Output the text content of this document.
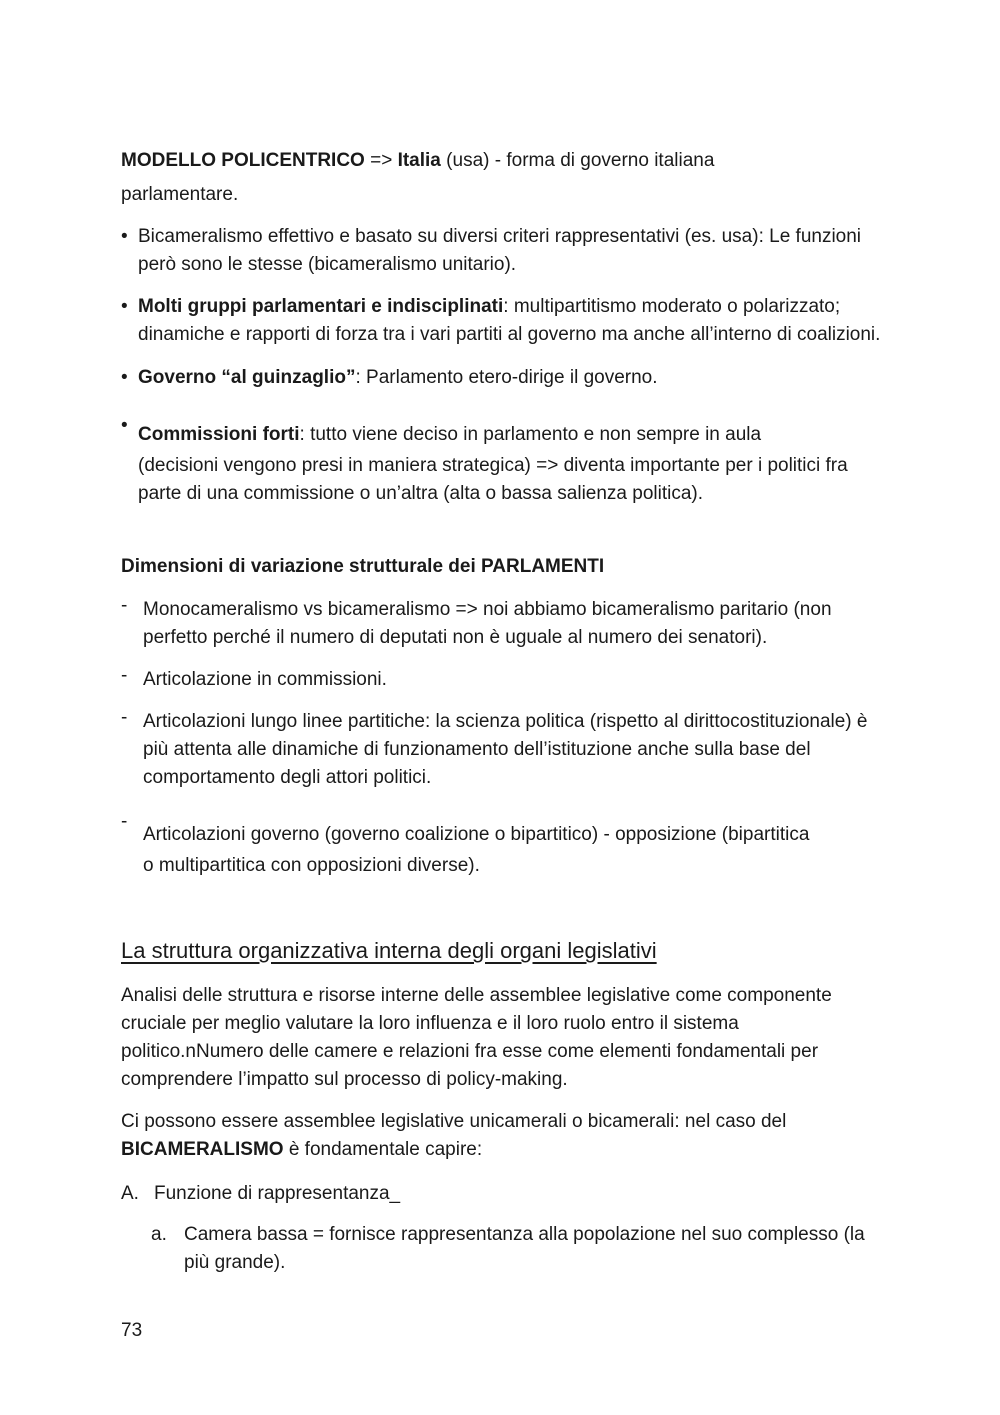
MODELLO POLICENTRICO => Italia (usa) - forma di governo italiana

parlamentare.

• Bicameralismo effettivo e basato su diversi criteri rappresentativi (es. usa): Le funzioni però sono le stesse (bicameralismo unitario).
• Molti gruppi parlamentari e indisciplinati: multipartitismo moderato o polarizzato; dinamiche e rapporti di forza tra i vari partiti al governo ma anche all’interno di coalizioni.
• Governo “al guinzaglio”: Parlamento etero-dirige il governo.
• Commissioni forti: tutto viene deciso in parlamento e non sempre in aula
(decisioni vengono presi in maniera strategica) => diventa importante per i politici fra parte di una commissione o un’altra (alta o bassa salienza politica).

Dimensioni di variazione strutturale dei PARLAMENTI

- Monocameralismo vs bicameralismo => noi abbiamo bicameralismo paritario (non perfetto perché il numero di deputati non è uguale al numero dei senatori).
- Articolazione in commissioni.
- Articolazioni lungo linee partitiche: la scienza politica (rispetto al dirittocostituzionale) è più attenta alle dinamiche di funzionamento dell’istituzione anche sulla base del comportamento degli attori politici.
-
Articolazioni governo (governo coalizione o bipartitico) - opposizione (bipartitica
o multipartitica con opposizioni diverse).

La struttura organizzativa interna degli organi legislativi

Analisi delle struttura e risorse interne delle assemblee legislative come componente cruciale per meglio valutare la loro influenza e il loro ruolo entro il sistema politico.nNumero delle camere e relazioni fra esse come elementi fondamentali per comprendere l’impatto sul processo di policy-making.

Ci possono essere assemblee legislative unicamerali o bicamerali: nel caso del
BICAMERALISMO è fondamentale capire:

A. Funzione di rappresentanza_
a. Camera bassa = fornisce rappresentanza alla popolazione nel suo complesso (la più grande).
73
